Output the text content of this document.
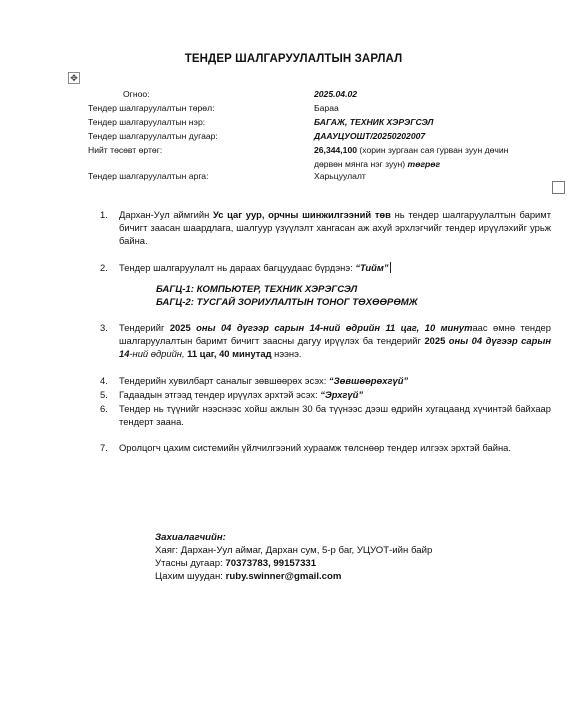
ТЕНДЕР ШАЛГАРУУЛАЛТЫН ЗАРЛАЛ
✥
Огноо:	2025.04.02
Тендер шалгаруулалтын төрөл:	Бараа
Тендер шалгаруулалтын нэр:	БАГАЖ, ТЕХНИК ХЭРЭГСЭЛ
Тендер шалгаруулалтын дугаар:	ДААУЦУОШТ/20250202007
Нийт төсөвт өртөг:	26,344,100 (хорин зургаан сая гурван зуун дөчин
дөрвөн мянга нэг зуун) төгрөг
Тендер шалгаруулалтын арга:	Харьцуулалт
1. Дархан-Уул аймгийн Ус цаг уур, орчны шинжилгээний төв нь тендер шалгаруулалтын баримт бичигт заасан шаардлага, шалгуур үзүүлэлт хангасан аж ахуй эрхлэгчийг тендер ирүүлэхийг урьж байна.
2. Тендер шалгаруулалт нь дараах багцуудаас бүрдэнэ: “Тийм”
БАГЦ-1: КОМПЬЮТЕР, ТЕХНИК ХЭРЭГСЭЛ
БАГЦ-2: ТУСГАЙ ЗОРИУЛАЛТЫН ТОНОГ ТӨХӨӨРӨМЖ
3. Тендерийг 2025 оны 04 дүгээр сарын 14-ний өдрийн 11 цаг, 10 минутаас өмнө тендер шалгаруулалтын баримт бичигт заасны дагуу ирүүлэх ба тендерийг 2025 оны 04 дүгээр сарын 14-ний өдрийн, 11 цаг, 40 минутад нээнэ.
4. Тендерийн хувилбарт саналыг зөвшөөрөх эсэх: “Зөвшөөрөхгүй”
5. Гадаадын этгээд тендер ирүүлэх эрхтэй эсэх: “Эрхгүй”
6. Тендер нь түүнийг нээснээс хойш ажлын 30 ба түүнээс дээш өдрийн хугацаанд хүчинтэй байхаар тендерт заана.
7. Оролцогч цахим системийн үйлчилгээний хураамж төлснөөр тендер илгээх эрхтэй байна.
Захиалагчийн:
Хаяг: Дархан-Уул аймаг, Дархан сум, 5-р баг, УЦУОТ-ийн байр
Утасны дугаар: 70373783, 99157331
Цахим шуудан: ruby.swinner@gmail.com
